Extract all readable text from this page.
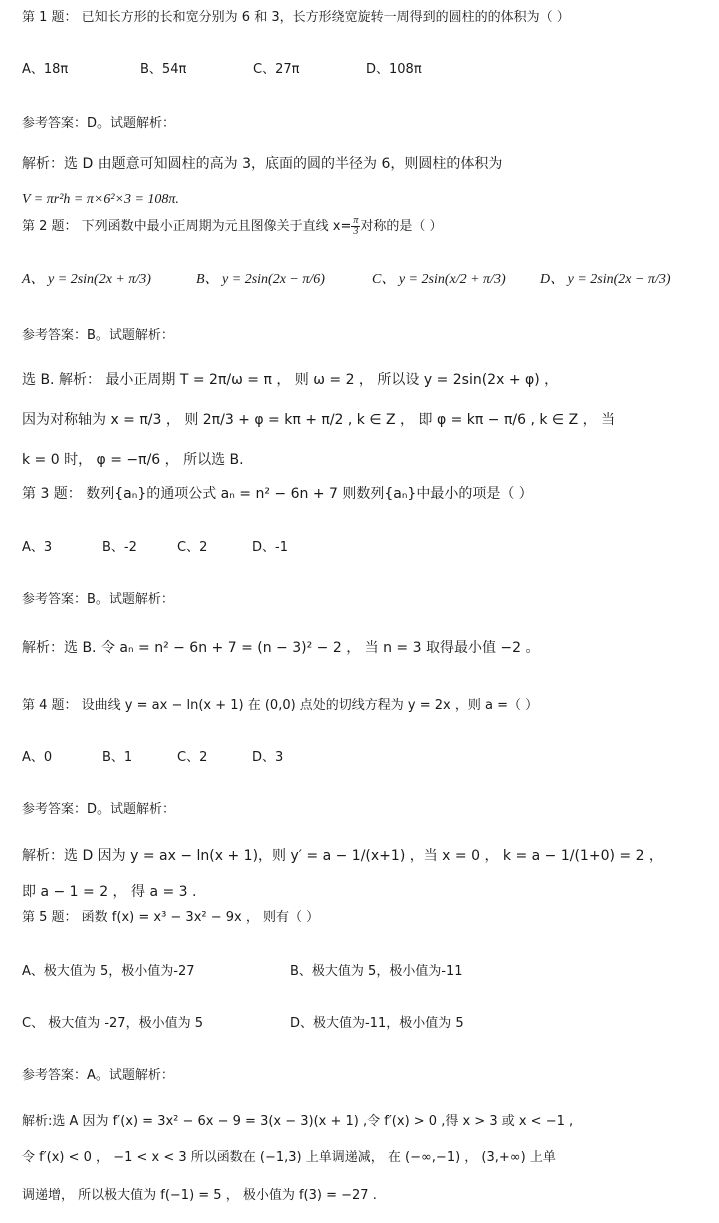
第 1 题： 已知长方形的长和宽分别为 6 和 3，长方形绕宽旋转一周得到的圆柱的的体积为（ ）
A、18π	B、54π	C、27π	D、108π
参考答案：D。试题解析：
解析：选 D 由题意可知圆柱的高为 3，底面的圆的半径为 6，则圆柱的体积为
V = πr²h = π×6²×3 = 108π.
第 2 题： 下列函数中最小正周期为元且图像关于直线 $x= \frac{\pi}{3}$ 对称的是（ ）
A、 y = 2sin(2x + π/3)	B、 y = 2sin(2x − π/6)	C、 y = 2sin(x/2 + π/3) D、 y = 2sin(2x − π/3)
参考答案：B。试题解析：
选 B. 解析： 最小正周期 T = 2π/ω = π ， 则 ω = 2 ， 所以设 y = 2sin(2x + φ) ，
因为对称轴为 x = π/3 ， 则 2π/3 + φ = kπ + π/2 , k ∈ Z ， 即 φ = kπ − π/6 , k ∈ Z ， 当
k = 0 时， φ = −π/6 ， 所以选 B.
第 3 题： 数列{aₙ}的通项公式 aₙ = n² − 6n + 7 则数列{aₙ}中最小的项是（ ）
A、3	B、-2	C、2	D、-1
参考答案：B。试题解析：
解析：选 B. 令 aₙ = n² − 6n + 7 = (n − 3)² − 2 ， 当 n = 3 取得最小值 −2 。
第 4 题： 设曲线 y = ax − ln(x + 1) 在 (0,0) 点处的切线方程为 y = 2x ，则 a =（ ）
A、0	B、1	C、2	D、3
参考答案：D。试题解析：
解析：选 D 因为 y = ax − ln(x + 1)，则 y′ = a − 1/(x+1) ，当 x = 0 ， k = a − 1/(1+0) = 2 ，
即 a − 1 = 2 ， 得 a = 3 .
第 5 题： 函数 f(x) = x³ − 3x² − 9x ， 则有（ ）
A、极大值为 5，极小值为-27	B、极大值为 5，极小值为-11
C、 极大值为 -27，极小值为 5	D、极大值为-11，极小值为 5
参考答案：A。试题解析：
解析:选 A 因为 f′(x) = 3x² − 6x − 9 = 3(x − 3)(x + 1) ,令 f′(x) > 0 ,得 x > 3 或 x < −1 ,
令 f′(x) < 0 ， −1 < x < 3 所以函数在 (−1,3) 上单调递减， 在 (−∞,−1) ， (3,+∞) 上单
调递增， 所以极大值为 f(−1) = 5 ， 极小值为 f(3) = −27 .
